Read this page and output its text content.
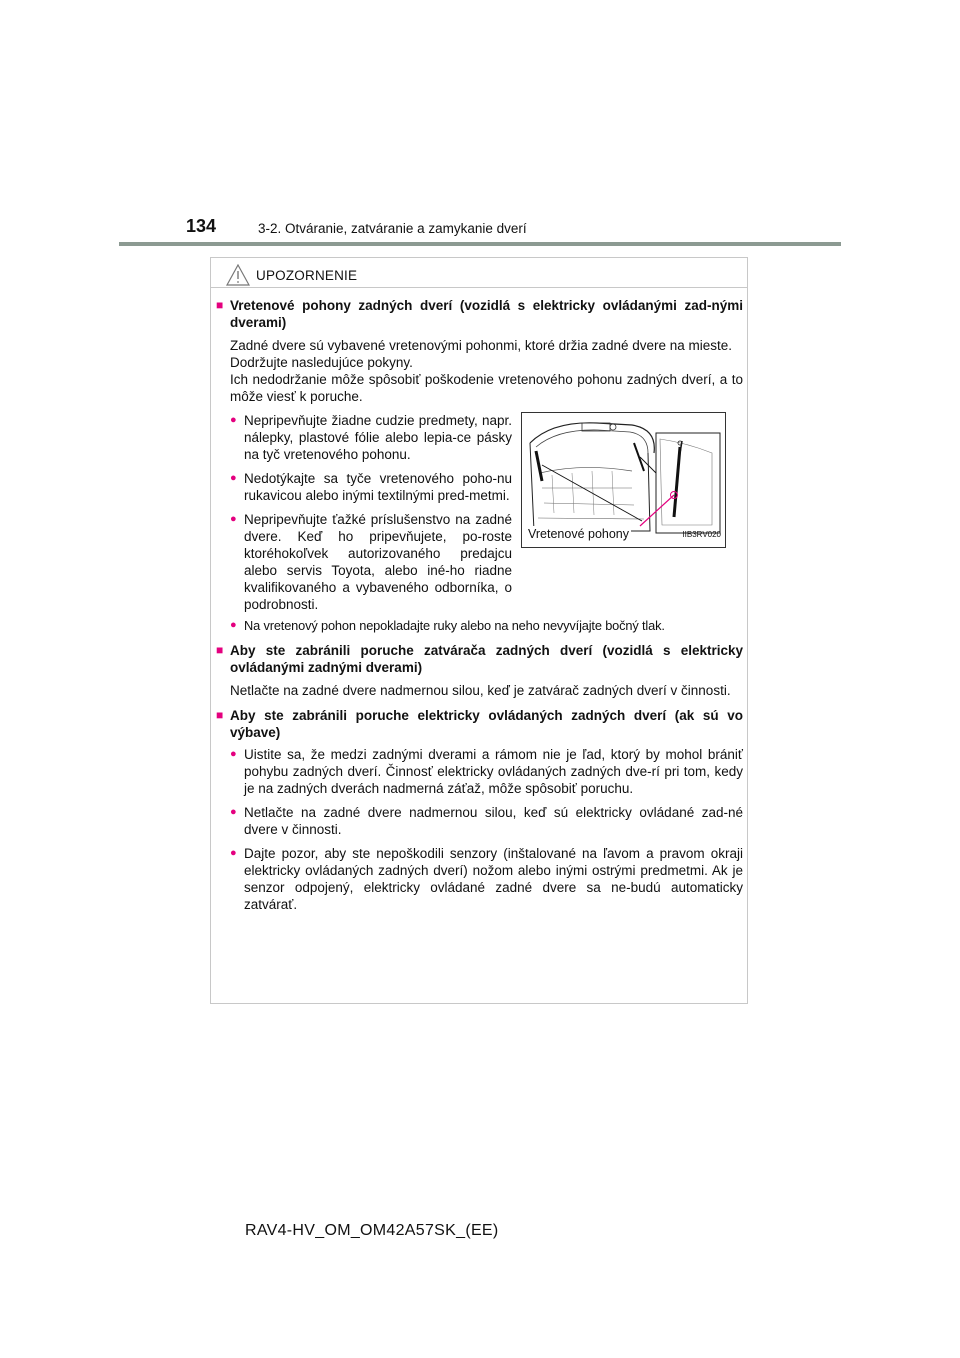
134	3-2. Otváranie, zatváranie a zamykanie dverí
UPOZORNENIE
■ Vretenové pohony zadných dverí (vozidlá s elektricky ovládanými zad-nými dverami)
Zadné dvere sú vybavené vretenovými pohonmi, ktoré držia zadné dvere na mieste.
Dodržujte nasledujúce pokyny.
Ich nedodržanie môže spôsobiť poškodenie vretenového pohonu zadných dverí, a to môže viesť k poruche.
● Nepripevňujte žiadne cudzie predmety, napr. nálepky, plastové fólie alebo lepia-ce pásky na tyč vretenového pohonu.
● Nedotýkajte sa tyče vretenového poho-nu rukavicou alebo inými textilnými pred-metmi.
● Nepripevňujte ťažké príslušenstvo na zadné dvere. Keď ho pripevňujete, po-roste ktoréhokoľvek autorizovaného predajcu alebo servis Toyota, alebo iné-ho riadne kvalifikovaného a vybaveného odborníka, o podrobnosti.
Vretenové pohony	IIB3RV020
● Na vretenový pohon nepokladajte ruky alebo na neho nevyvíjajte bočný tlak.
■ Aby ste zabránili poruche zatvárača zadných dverí (vozidlá s elektricky ovládanými zadnými dverami)
Netlačte na zadné dvere nadmernou silou, keď je zatvárač zadných dverí v činnosti.
■ Aby ste zabránili poruche elektricky ovládaných zadných dverí (ak sú vo výbave)
● Uistite sa, že medzi zadnými dverami a rámom nie je ľad, ktorý by mohol brániť pohybu zadných dverí. Činnosť elektricky ovládaných zadných dve-rí pri tom, kedy je na zadných dverách nadmerná záťaž, môže spôsobiť poruchu.
● Netlačte na zadné dvere nadmernou silou, keď sú elektricky ovládané zad-né dvere v činnosti.
● Dajte pozor, aby ste nepoškodili senzory (inštalované na ľavom a pravom okraji elektricky ovládaných zadných dverí) nožom alebo inými ostrými predmetmi. Ak je senzor odpojený, elektricky ovládané zadné dvere sa ne-budú automaticky zatvárať.
RAV4-HV_OM_OM42A57SK_(EE)
